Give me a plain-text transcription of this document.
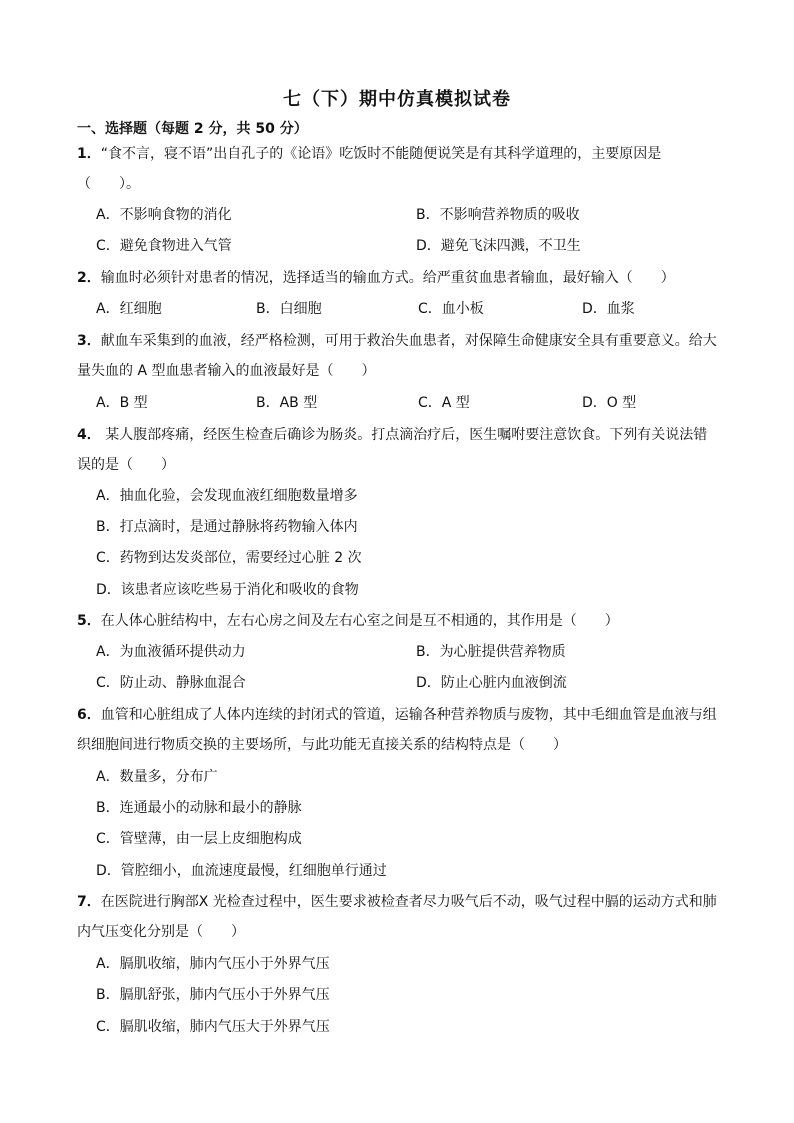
七（下）期中仿真模拟试卷
一、选择题（每题 2 分，共 50 分）
1．“食不言，寝不语”出自孔子的《论语》吃饭时不能随便说笑是有其科学道理的，主要原因是
（　　）。
A．不影响食物的消化	B．不影响营养物质的吸收
C．避免食物进入气管	D．避免飞沫四溅，不卫生
2．输血时必须针对患者的情况，选择适当的输血方式。给严重贫血患者输血，最好输入（　　）
A．红细胞	B．白细胞	C．血小板	D．血浆
3．献血车采集到的血液，经严格检测，可用于救治失血患者，对保障生命健康安全具有重要意义。给大
量失血的 A 型血患者输入的血液最好是（　　）
A．B 型	B．AB 型	C．A 型	D．O 型
4． 某人腹部疼痛，经医生检查后确诊为肠炎。打点滴治疗后，医生嘱咐要注意饮食。下列有关说法错
误的是（　　）
A．抽血化验，会发现血液红细胞数量增多
B．打点滴时，是通过静脉将药物输入体内
C．药物到达发炎部位，需要经过心脏 2 次
D．该患者应该吃些易于消化和吸收的食物
5．在人体心脏结构中，左右心房之间及左右心室之间是互不相通的，其作用是（　　）
A．为血液循环提供动力	B．为心脏提供营养物质
C．防止动、静脉血混合	D．防止心脏内血液倒流
6．血管和心脏组成了人体内连续的封闭式的管道，运输各种营养物质与废物，其中毛细血管是血液与组
织细胞间进行物质交换的主要场所，与此功能无直接关系的结构特点是（　　）
A．数量多，分布广
B．连通最小的动脉和最小的静脉
C．管壁薄，由一层上皮细胞构成
D．管腔细小，血流速度最慢，红细胞单行通过
7．在医院进行胸部X 光检查过程中，医生要求被检查者尽力吸气后不动，吸气过程中膈的运动方式和肺
内气压变化分别是（　　）
A．膈肌收缩，肺内气压小于外界气压
B．膈肌舒张，肺内气压小于外界气压
C．膈肌收缩，肺内气压大于外界气压
